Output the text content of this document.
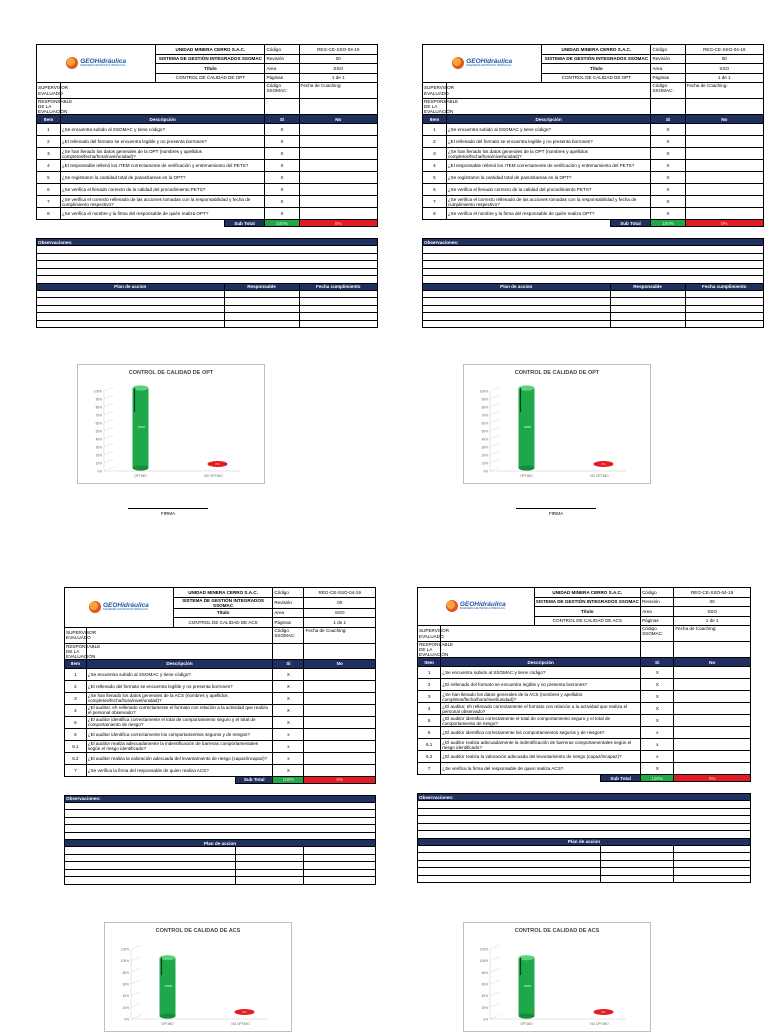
GEOHidráulica
INGENIERÍA GEOTÉCNICA HIDRÁULICA		UNIDAD MINERA CERRO S.A.C.		Código	REG-CE-SSO-04-19
		SISTEMA DE GESTIÓN INTEGRADOS SSOMAC		Revisión	00
		Título		Area	SSO
		CONTROL DE CALIDAD DE OPT		Páginas	1 de 1
SUPERVISOR EVALUADO				Código SSOMAC:	Fecha de Coaching:
RESPONSABLE DE LA EVALUACIÓN					
Item	Descripción			Si	No
1	¿Se encuentra subido al SSOMAC y tiene código?			X	
2	¿El rellenado del formato se encuentra legible y no presenta borrones?			X	
3	¿Se han llenado los datos generales de la OPT (nombres y apellidos completos/fecha/hora/nivel/unidad)?			X	
4	¿El responsable rellenó los ITEM correctamente de verificación y entrenamiento del PETS?			X	
5	¿Se registraron la cantidad total de pasos/tareas en la OPT?			X	
6	¿Se verifica el llenado correcto de la calidad del procedimiento PETS?			X	
7	¿Se verifica el correcto rellenado de las acciones tomadas con la responsabilidad y fecha de cumplimiento respectivo?			X	
8	¿Se verifica el nombre y la firma del responsable de quién realiza OPT?			X	
			Sub Total	100%	0%

Observaciones:					

Plan de accion			Responsable		Fecha cumplimiento

GEOHidráulica
INGENIERÍA GEOTÉCNICA HIDRÁULICA		UNIDAD MINERA CERRO S.A.C.		Código	REG-CE-SSO-04-19
		SISTEMA DE GESTIÓN INTEGRADOS SSOMAC		Revisión	00
		Título		Area	SSO
		CONTROL DE CALIDAD DE OPT		Páginas	1 de 1
SUPERVISOR EVALUADO				Código SSOMAC:	Fecha de Coaching:
RESPONSABLE DE LA EVALUACIÓN					
Item	Descripción			Si	No
1	¿Se encuentra subido al SSOMAC y tiene código?			X	
2	¿El rellenado del formato se encuentra legible y no presenta borrones?			X	
3	¿Se han llenado los datos generales de la OPT (nombres y apellidos completos/fecha/hora/nivel/unidad)?			X	
4	¿El responsable rellenó los ITEM correctamente de verificación y entrenamiento del PETS?			X	
5	¿Se registraron la cantidad total de pasos/tareas en la OPT?			X	
6	¿Se verifica el llenado correcto de la calidad del procedimiento PETS?			X	
7	¿Se verifica el correcto rellenado de las acciones tomadas con la responsabilidad y fecha de cumplimiento respectivo?			X	
8	¿Se verifica el nombre y la firma del responsable de quién realiza OPT?			X	
			Sub Total	100%	0%

Observaciones:					

Plan de accion			Responsable		Fecha cumplimiento

GEOHidráulica
INGENIERÍA GEOTÉCNICA HIDRÁULICA		UNIDAD MINERA CERRO S.A.C.		Código	REG-CE-SSO-04-19
		SISTEMA DE GESTIÓN INTEGRADOS SSOMAC		Revisión	00
		Título		Area	SSO
		CONTROL DE CALIDAD DE ACS		Páginas	1 de 1
SUPERVISOR EVALUADO				Código SSOMAC:	Fecha de Coaching:
RESPONSABLE DE LA EVALUACIÓN					
Item	Descripción			Si	No
1	¿Se encuentra subido al SSOMAC y tiene código?			X	
2	¿El rellenado del formato se encuentra legible y no presenta borrones?			X	
3	¿Se han llenado los datos generales de la ACS (nombres y apellidos completos/fecha/hora/nivel/unidad)?			X	
4	¿El auditor, eh rellenado correctamente el formato con relación a la actividad que realiza el personal observado?			X	
5	¿El auditor identifica correctamente el total de comportamiento seguro y el total de comportamiento de riesgo?			X	
6	¿El auditor identifica correctamente los comportamientos seguros y de riesgos?			x	
6.1	¿El auditor realiza adecuadamente la indentificación de barreras comportamentales según el riesgo identificado?			x	
6.2	¿El auditor realiza la valoración adecuada del levantamiento de riesgo (capaz/incapaz)?			x	
7	¿Se verifica la firma del responsable de quien realiza ACS?			X	
			Sub Total	100%	0%

Observaciones:					

Plan de accion					

GEOHidráulica
INGENIERÍA GEOTÉCNICA HIDRÁULICA		UNIDAD MINERA CERRO S.A.C.		Código	REG-CE-SSO-04-19
		SISTEMA DE GESTIÓN INTEGRADOS SSOMAC		Revisión	00
		Título		Area	SSO
		CONTROL DE CALIDAD DE ACS		Páginas	1 de 1
SUPERVISOR EVALUADO				Código SSOMAC:	Fecha de Coaching:
RESPONSABLE DE LA EVALUACIÓN					
Item	Descripción			Si	No
1	¿Se encuentra subido al SSOMAC y tiene código?			X	
2	¿El rellenado del formato se encuentra legible y no presenta borrones?			X	
3	¿Se han llenado los datos generales de la ACS (nombres y apellidos completos/fecha/hora/nivel/unidad)?			X	
4	¿El auditor, eh rellenado correctamente el formato con relación a la actividad que realiza el personal observado?			X	
5	¿El auditor identifica correctamente el total de comportamiento seguro y el total de comportamiento de riesgo?			X	
6	¿El auditor identifica correctamente los comportamientos seguros y de riesgos?			x	
6.1	¿El auditor realiza adecuadamente la indentificación de barreras comportamentales según el riesgo identificado?			x	
6.2	¿El auditor realiza la valoración adecuada del levantamiento de riesgo (capaz/incapaz)?			x	
7	¿Se verifica la firma del responsable de quien realiza ACS?			X	
			Sub Total	100%	0%

Observaciones:					

Plan de accion					

CONTROL DE CALIDAD DE OPT
0%
10%
20%
30%
40%
50%
60%
70%
80%
90%
100%
100%
OPTIMO
0%
NO OPTIMO
CONTROL DE CALIDAD DE OPT
0%
10%
20%
30%
40%
50%
60%
70%
80%
90%
100%
100%
OPTIMO
0%
NO OPTIMO
CONTROL DE CALIDAD DE ACS
0%
20%
40%
60%
80%
100%
120%
100%
OPTIMO
0%
NO OPTIMO
CONTROL DE CALIDAD DE ACS
0%
20%
40%
60%
80%
100%
120%
100%
OPTIMO
0%
NO OPTIMO
FIRMA	FIRMA
